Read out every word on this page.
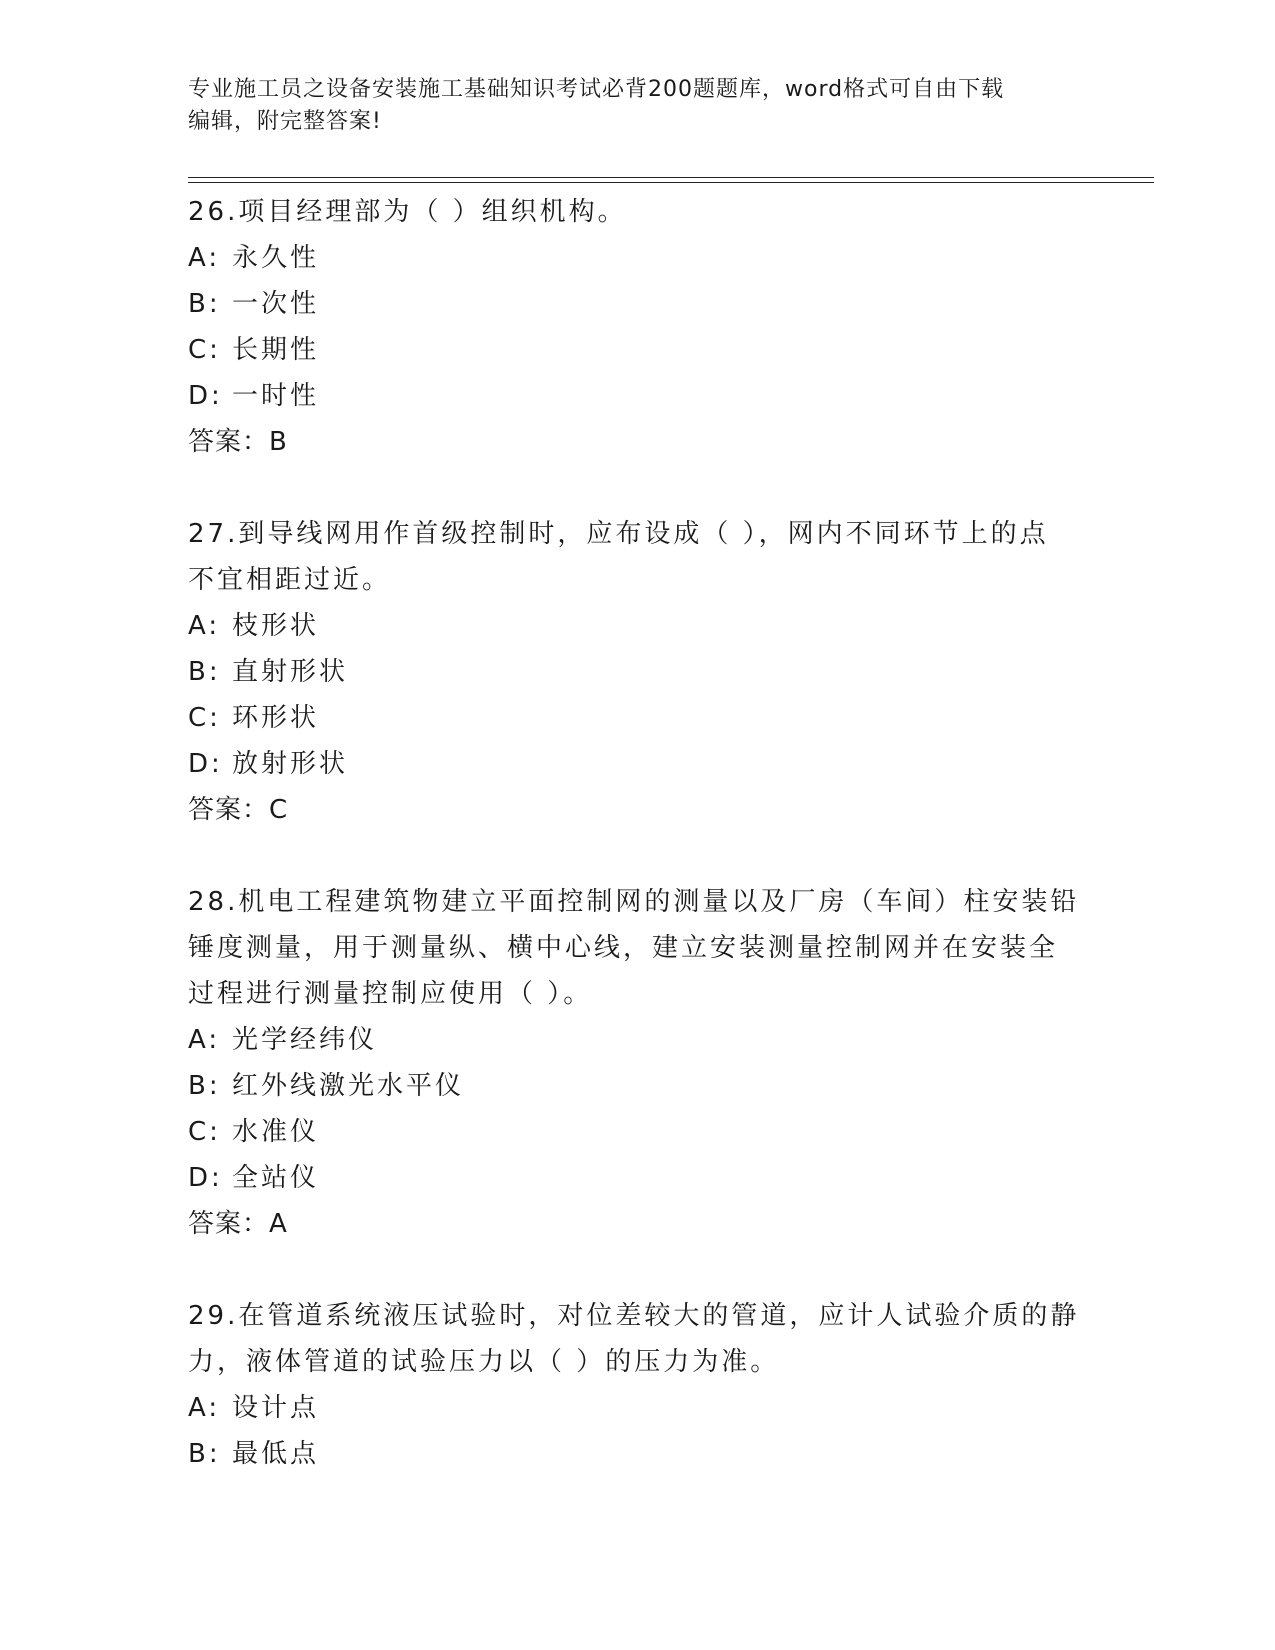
专业施工员之设备安装施工基础知识考试必背200题题库，word格式可自由下载
编辑，附完整答案!
26.项目经理部为（ ）组织机构。
A: 永久性
B: 一次性
C: 长期性
D: 一时性
答案：B
27.到导线网用作首级控制时，应布设成（ ），网内不同环节上的点
不宜相距过近。
A: 枝形状
B: 直射形状
C: 环形状
D: 放射形状
答案：C
28.机电工程建筑物建立平面控制网的测量以及厂房（车间）柱安装铅
锤度测量，用于测量纵、横中心线，建立安装测量控制网并在安装全
过程进行测量控制应使用（ ）。
A: 光学经纬仪
B: 红外线激光水平仪
C: 水准仪
D: 全站仪
答案：A
29.在管道系统液压试验时，对位差较大的管道，应计人试验介质的静
力，液体管道的试验压力以（ ）的压力为准。
A: 设计点
B: 最低点
